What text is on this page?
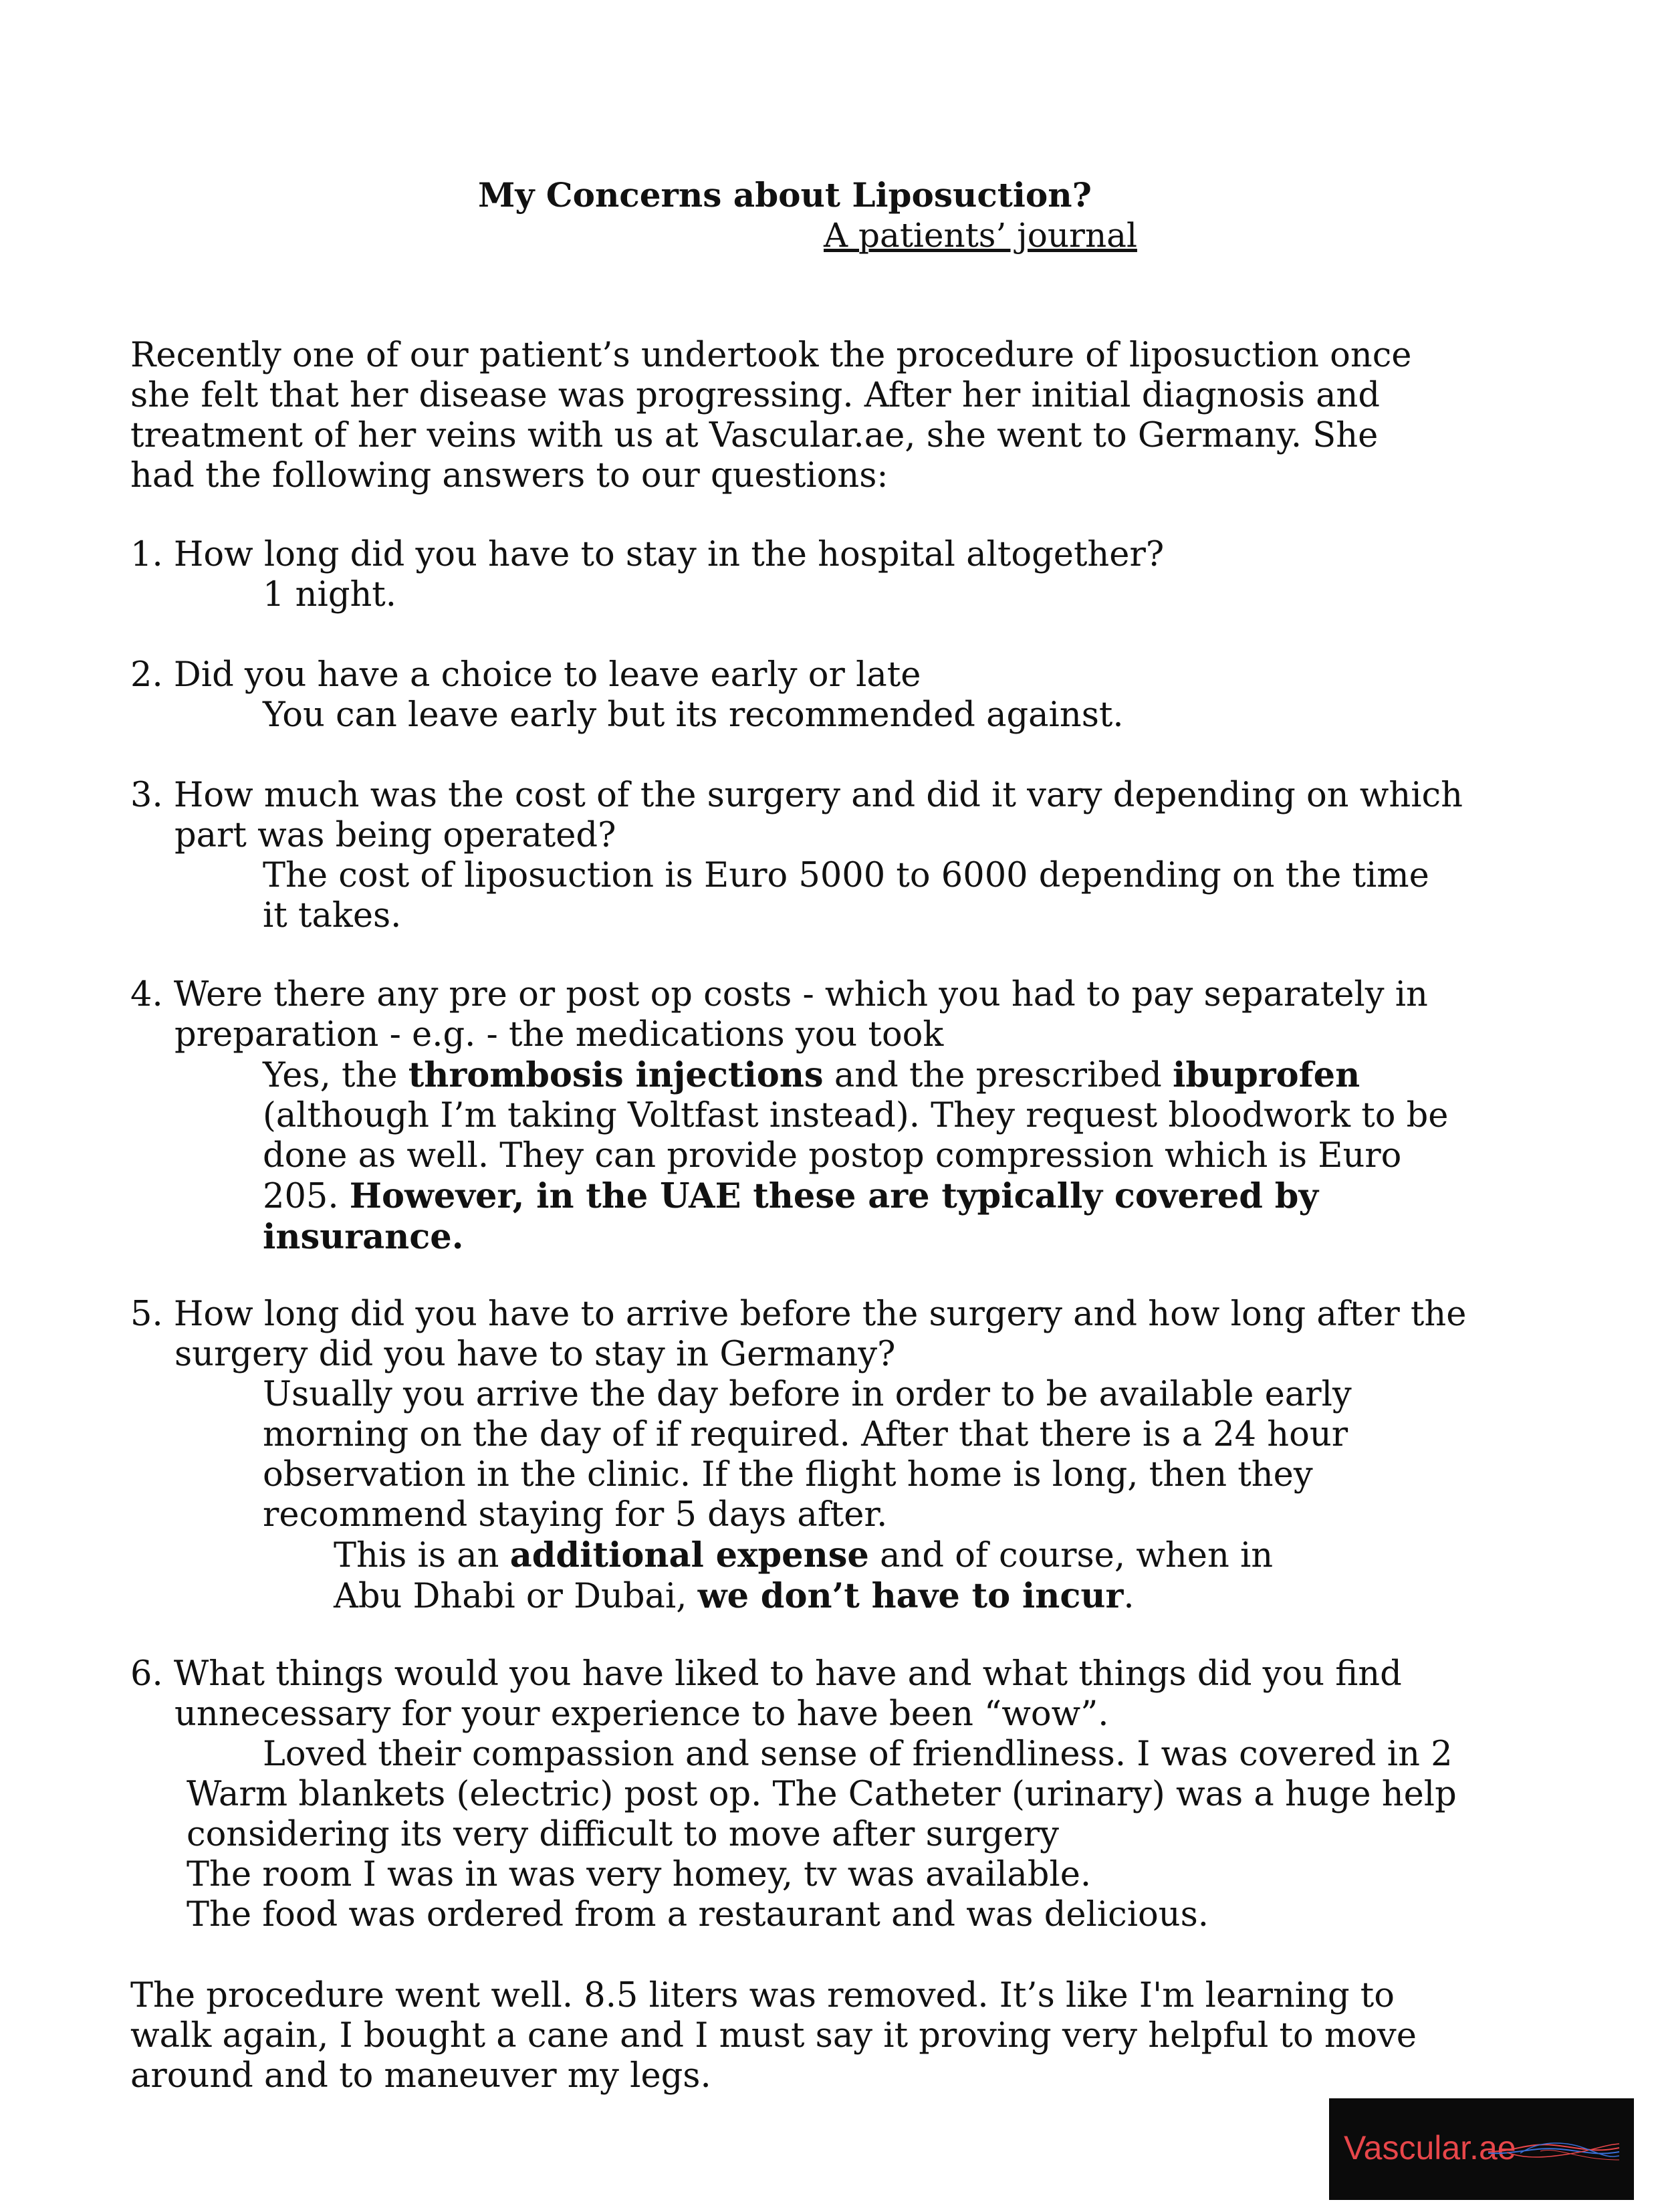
My Concerns about Liposuction?
A patients’ journal
Recently one of our patient’s undertook the procedure of liposuction once
she felt that her disease was progressing. After her initial diagnosis and
treatment of her veins with us at Vascular.ae, she went to Germany. She
had the following answers to our questions:
1. How long did you have to stay in the hospital altogether?
1 night.
2. Did you have a choice to leave early or late
You can leave early but its recommended against.
3. How much was the cost of the surgery and did it vary depending on which
part was being operated?
The cost of liposuction is Euro 5000 to 6000 depending on the time
it takes.
4. Were there any pre or post op costs - which you had to pay separately in
preparation - e.g. - the medications you took
Yes, the thrombosis injections and the prescribed ibuprofen
(although I’m taking Voltfast instead). They request bloodwork to be
done as well. They can provide postop compression which is Euro
205. However, in the UAE these are typically covered by
insurance.
5. How long did you have to arrive before the surgery and how long after the
surgery did you have to stay in Germany?
Usually you arrive the day before in order to be available early
morning on the day of if required. After that there is a 24 hour
observation in the clinic. If the flight home is long, then they
recommend staying for 5 days after.
This is an additional expense and of course, when in
Abu Dhabi or Dubai, we don’t have to incur.
6. What things would you have liked to have and what things did you find
unnecessary for your experience to have been “wow”.
Loved their compassion and sense of friendliness. I was covered in 2
Warm blankets (electric) post op. The Catheter (urinary) was a huge help
considering its very difficult to move after surgery
The room I was in was very homey, tv was available.
The food was ordered from a restaurant and was delicious.
The procedure went well. 8.5 liters was removed. It’s like I'm learning to
walk again, I bought a cane and I must say it proving very helpful to move
around and to maneuver my legs.
Vascular.ae
